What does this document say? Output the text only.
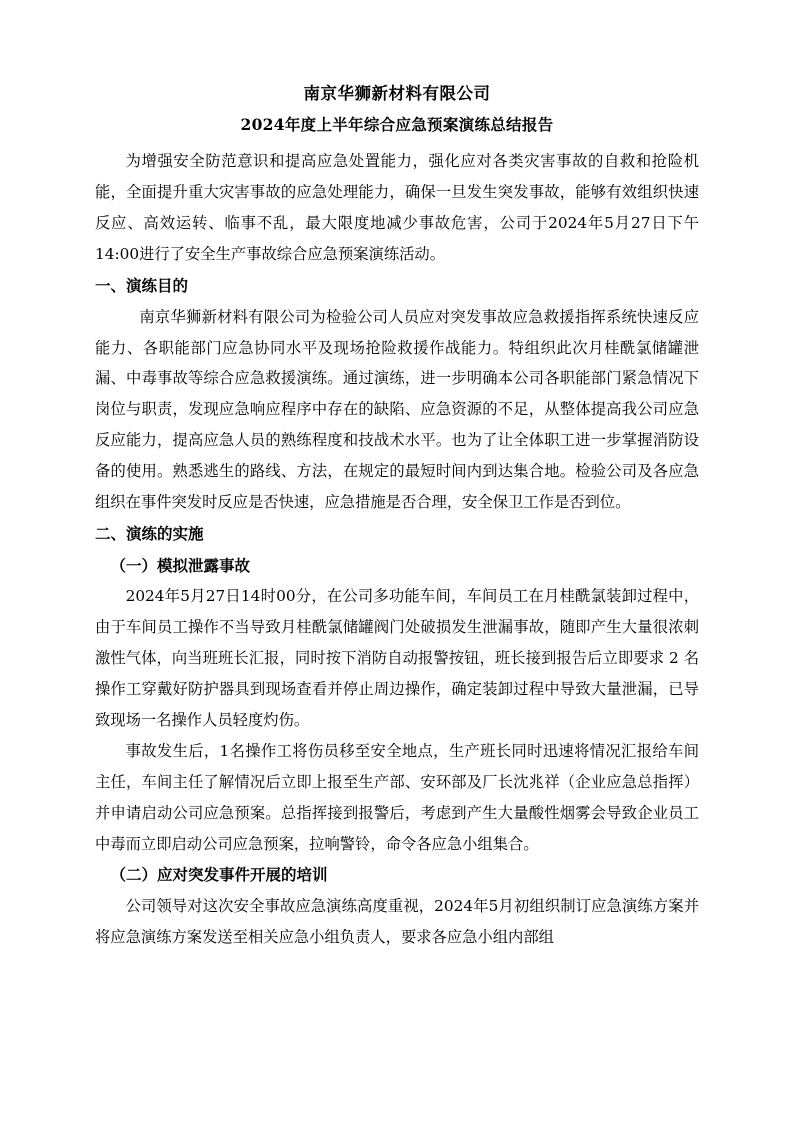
南京华狮新材料有限公司
2024年度上半年综合应急预案演练总结报告

为增强安全防范意识和提高应急处置能力，强化应对各类灾害事故的自救和抢险机能，全面提升重大灾害事故的应急处理能力，确保一旦发生突发事故，能够有效组织快速反应、高效运转、临事不乱，最大限度地减少事故危害，公司于2024年5月27日下午14:00进行了安全生产事故综合应急预案演练活动。

一、演练目的

南京华狮新材料有限公司为检验公司人员应对突发事故应急救援指挥系统快速反应能力、各职能部门应急协同水平及现场抢险救援作战能力。特组织此次月桂酰氯储罐泄漏、中毒事故等综合应急救援演练。通过演练，进一步明确本公司各职能部门紧急情况下岗位与职责，发现应急响应程序中存在的缺陷、应急资源的不足，从整体提高我公司应急反应能力，提高应急人员的熟练程度和技战术水平。也为了让全体职工进一步掌握消防设备的使用。熟悉逃生的路线、方法，在规定的最短时间内到达集合地。检验公司及各应急组织在事件突发时反应是否快速，应急措施是否合理，安全保卫工作是否到位。

二、演练的实施

（一）模拟泄露事故

2024年5月27日14时00分，在公司多功能车间，车间员工在月桂酰氯装卸过程中，由于车间员工操作不当导致月桂酰氯储罐阀门处破损发生泄漏事故，随即产生大量很浓刺激性气体，向当班班长汇报，同时按下消防自动报警按钮，班长接到报告后立即要求 2 名操作工穿戴好防护器具到现场查看并停止周边操作，确定装卸过程中导致大量泄漏，已导致现场一名操作人员轻度灼伤。

事故发生后，1名操作工将伤员移至安全地点，生产班长同时迅速将情况汇报给车间主任，车间主任了解情况后立即上报至生产部、安环部及厂长沈兆祥（企业应急总指挥）并申请启动公司应急预案。总指挥接到报警后，考虑到产生大量酸性烟雾会导致企业员工中毒而立即启动公司应急预案，拉响警铃，命令各应急小组集合。

（二）应对突发事件开展的培训

公司领导对这次安全事故应急演练高度重视，2024年5月初组织制订应急演练方案并将应急演练方案发送至相关应急小组负责人，要求各应急小组内部组
